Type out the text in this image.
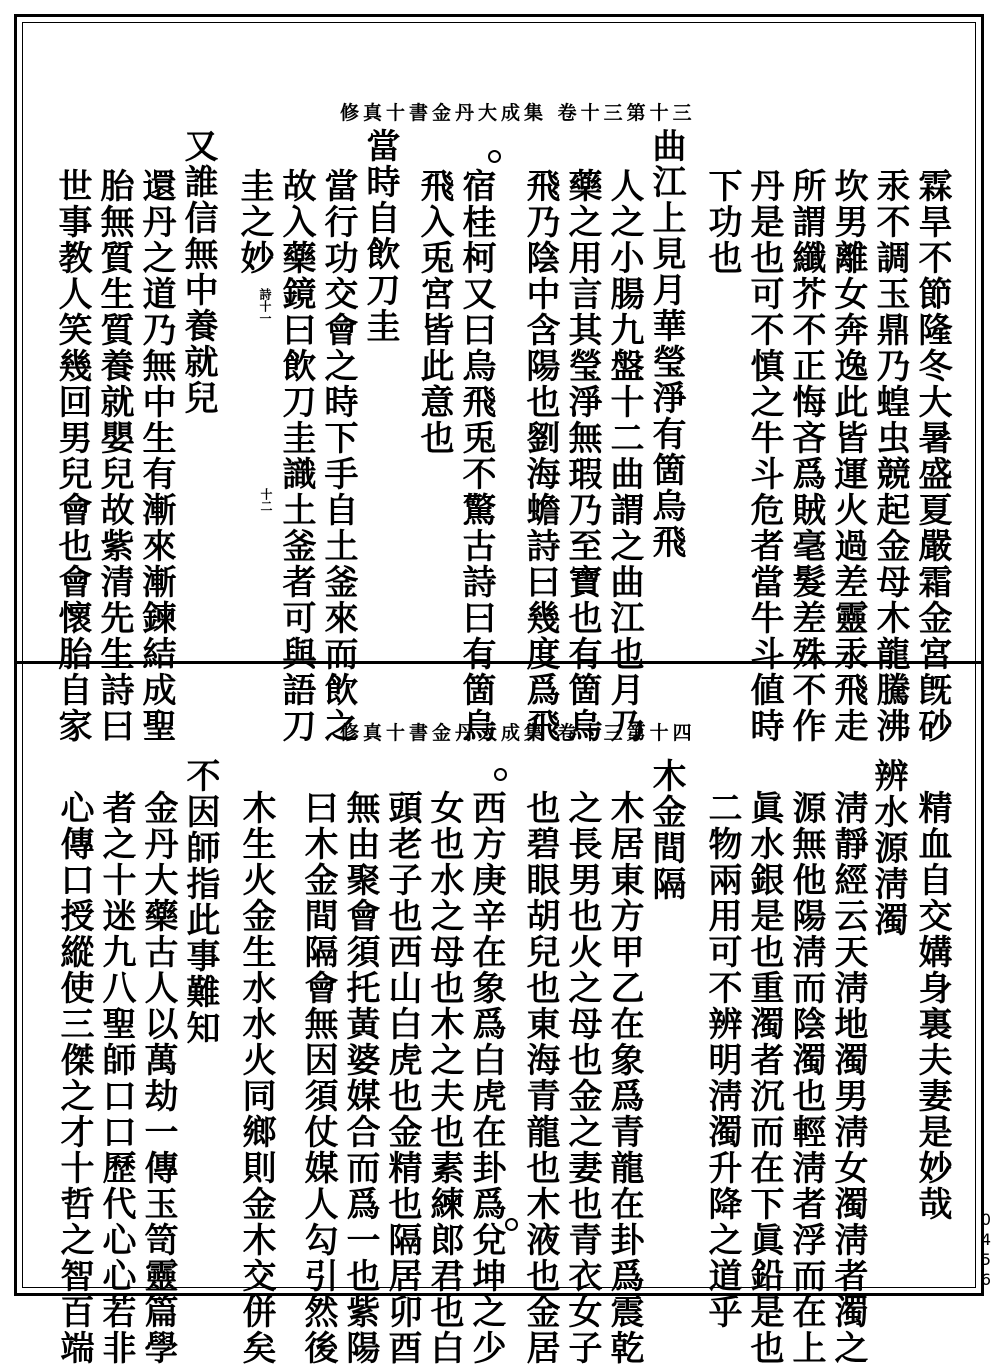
修真十書金丹大成集 卷十三第十三
霖旱不節隆冬大暑盛夏嚴霜金宮旣砂
汞不調玉鼎乃蝗虫競起金母木龍騰沸
坎男離女奔逸此皆運火過差靈汞飛走
所謂纖芥不正悔吝爲賊毫髮差殊不作
丹是也可不慎之牛斗危者當牛斗値時
下功也
曲江上見月華瑩淨有箇烏飛
人之小腸九盤十二曲謂之曲江也月乃
藥之用言其瑩淨無瑕乃至寶也有箇烏
飛乃陰中含陽也劉海蟾詩曰幾度爲飛
宿桂柯又曰烏飛兎不驚古詩曰有箇烏
飛入兎宮皆此意也
當時自飲刀圭
當行功交會之時下手自土釜來而飲之
故入藥鏡曰飲刀圭識土釜者可與語刀
圭之妙
又誰信無中養就兒
還丹之道乃無中生有漸來漸鍊結成聖
胎無質生質養就嬰兒故紫清先生詩曰
世事教人笑幾回男兒會也會懷胎自家	詩十一
十二
修真十書金丹大成集 卷十三第十四
精血自交媾身裏夫妻是妙哉
辨水源淸濁
淸靜經云天淸地濁男淸女濁淸者濁之
源無他陽淸而陰濁也輕淸者浮而在上
眞水銀是也重濁者沉而在下眞鉛是也
二物兩用可不辨明淸濁升降之道乎
木金間隔
木居東方甲乙在象爲青龍在卦爲震乾
之長男也火之母也金之妻也青衣女子
也碧眼胡兒也東海青龍也木液也金居
西方庚辛在象爲白虎在卦爲兌坤之少
女也水之母也木之夫也素練郎君也白
頭老子也西山白虎也金精也隔居卯酉
無由聚會須托黃婆媒合而爲一也紫陽
曰木金間隔會無因須仗媒人勾引然後
木生火金生水水火同鄉則金木交併矣
不因師指此事難知
金丹大藥古人以萬劫一傳玉笥靈篇學
者之十迷九八聖師口口歷代心心若非
心傳口授縱使三傑之才十哲之智百端	0456
